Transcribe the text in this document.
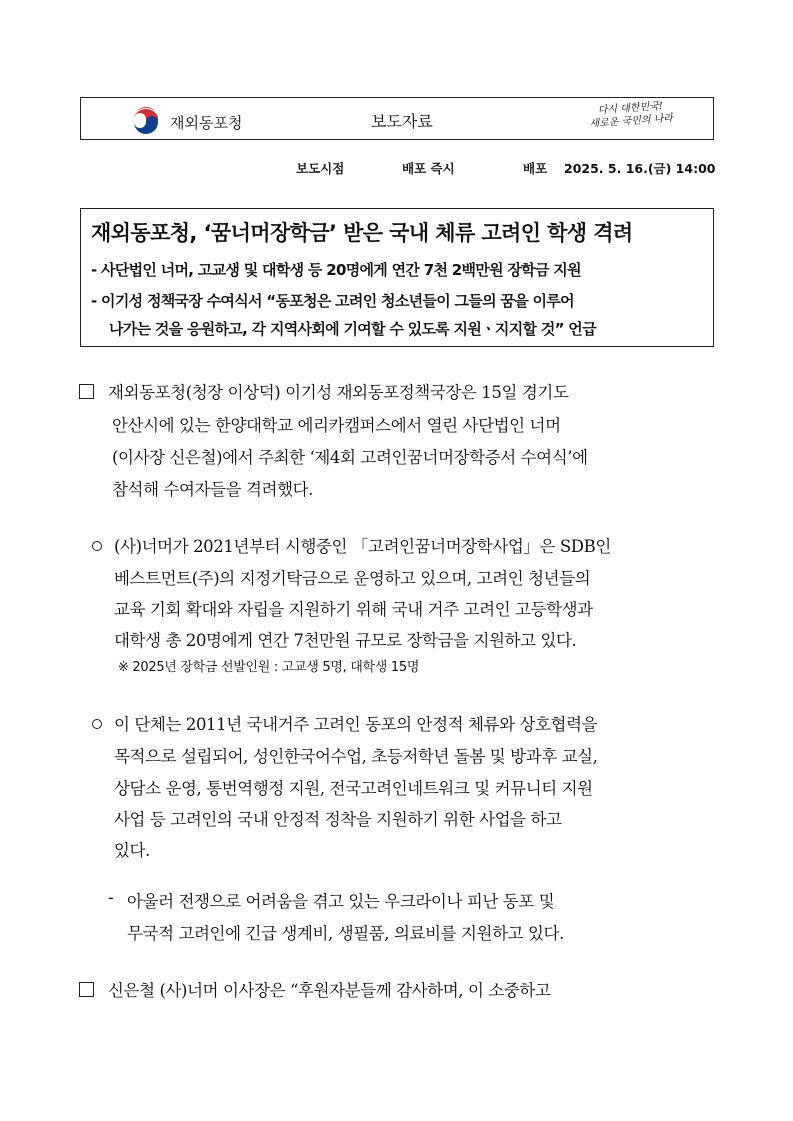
재외동포청	보도자료
다시 대한민국!
새로운 국민의 나라
보도시점	배포 즉시	배포 2025. 5. 16.(금) 14:00
재외동포청, ‘꿈너머장학금’ 받은 국내 체류 고려인 학생 격려
- 사단법인 너머, 고교생 및 대학생 등 20명에게 연간 7천 2백만원 장학금 지원
- 이기성 정책국장 수여식서 “동포청은 고려인 청소년들이 그들의 꿈을 이루어
나가는 것을 응원하고, 각 지역사회에 기여할 수 있도록 지원ㆍ지지할 것” 언급
재외동포청(청장 이상덕) 이기성 재외동포정책국장은 15일 경기도
안산시에 있는 한양대학교 에리카캠퍼스에서 열린 사단법인 너머
(이사장 신은철)에서 주최한 ‘제4회 고려인꿈너머장학증서 수여식’에
참석해 수여자들을 격려했다.
(사)너머가 2021년부터 시행중인 「고려인꿈너머장학사업」은 SDB인
베스트먼트(주)의 지정기탁금으로 운영하고 있으며, 고려인 청년들의
교육 기회 확대와 자립을 지원하기 위해 국내 거주 고려인 고등학생과
대학생 총 20명에게 연간 7천만원 규모로 장학금을 지원하고 있다.
※ 2025년 장학금 선발인원 : 고교생 5명, 대학생 15명
이 단체는 2011년 국내거주 고려인 동포의 안정적 체류와 상호협력을
목적으로 설립되어, 성인한국어수업, 초등저학년 돌봄 및 방과후 교실,
상담소 운영, 통번역행정 지원, 전국고려인네트워크 및 커뮤니티 지원
사업 등 고려인의 국내 안정적 정착을 지원하기 위한 사업을 하고
있다.
- 아울러 전쟁으로 어려움을 겪고 있는 우크라이나 피난 동포 및
무국적 고려인에 긴급 생계비, 생필품, 의료비를 지원하고 있다.
신은철 (사)너머 이사장은 “후원자분들께 감사하며, 이 소중하고
